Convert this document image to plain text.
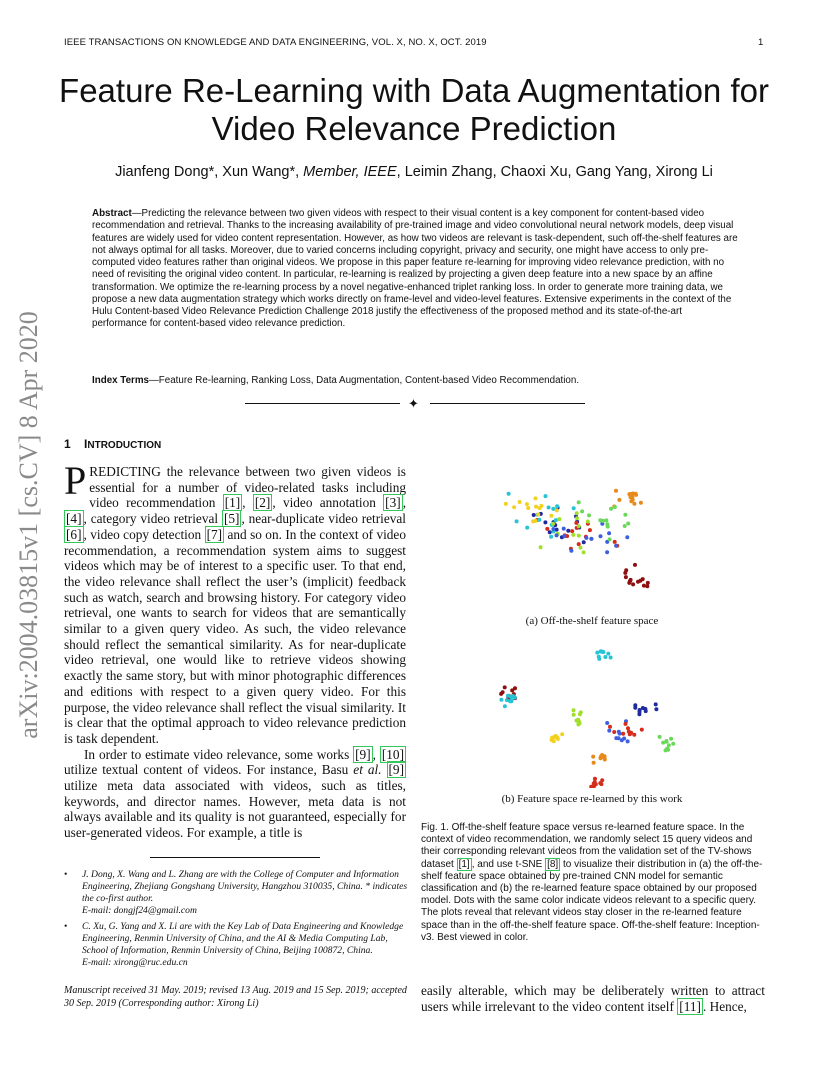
IEEE TRANSACTIONS ON KNOWLEDGE AND DATA ENGINEERING, VOL. X, NO. X, OCT. 2019	1
Feature Re-Learning with Data Augmentation for
Video Relevance Prediction
Jianfeng Dong*, Xun Wang*, Member, IEEE, Leimin Zhang, Chaoxi Xu, Gang Yang, Xirong Li
Abstract—Predicting the relevance between two given videos with respect to their visual content is a key component for content-based video recommendation and retrieval. Thanks to the increasing availability of pre-trained image and video convolutional neural network models, deep visual features are widely used for video content representation. However, as how two videos are relevant is task-dependent, such off-the-shelf features are not always optimal for all tasks. Moreover, due to varied concerns including copyright, privacy and security, one might have access to only pre-computed video features rather than original videos. We propose in this paper feature re-learning for improving video relevance prediction, with no need of revisiting the original video content. In particular, re-learning is realized by projecting a given deep feature into a new space by an affine transformation. We optimize the re-learning process by a novel negative-enhanced triplet ranking loss. In order to generate more training data, we propose a new data augmentation strategy which works directly on frame-level and video-level features. Extensive experiments in the context of the Hulu Content-based Video Relevance Prediction Challenge 2018 justify the effectiveness of the proposed method and its state-of-the-art performance for content-based video relevance prediction.
Index Terms—Feature Re-learning, Ranking Loss, Data Augmentation, Content-based Video Recommendation.
✦
arXiv:2004.03815v1 [cs.CV] 8 Apr 2020 1 INTRODUCTION

PREDICTING the relevance between two given videos is essential for a number of video-related tasks including video recommendation [1] , [2] , video annotation [3] , [4] , category video retrieval [5] , near-duplicate video retrieval [6] , video copy detection [7] and so on. In the context of video recommendation, a recommendation system aims to suggest videos which may be of interest to a specific user. To that end, the video relevance shall reflect the user’s (implicit) feedback such as watch, search and browsing history. For category video retrieval, one wants to search for videos that are semantically similar to a given query video. As such, the video relevance should reflect the semantical similarity. As for near-duplicate video retrieval, one would like to retrieve videos showing exactly the same story, but with minor photographic differences and editions with respect to a given query video. For this purpose, the video relevance shall reflect the visual similarity. It is clear that the optimal approach to video relevance prediction is task dependent.

In order to estimate video relevance, some works [9] , [10] utilize textual content of videos. For instance, Basu et al. [9] utilize meta data associated with videos, such as titles, keywords, and director names. However, meta data is not always available and its quality is not guaranteed, especially for user-generated videos. For example, a title is

• J. Dong, X. Wang and L. Zhang are with the College of Computer and Information Engineering, Zhejiang Gongshang University, Hangzhou 310035, China. * indicates the co-first author.
E-mail: dongjf24@gmail.com
• C. Xu, G. Yang and X. Li are with the Key Lab of Data Engineering and Knowledge Engineering, Renmin University of China, and the AI & Media Computing Lab, School of Information, Renmin University of China, Beijing 100872, China.
E-mail: xirong@ruc.edu.cn
Manuscript received 31 May. 2019; revised 13 Aug. 2019 and 15 Sep. 2019; accepted 30 Sep. 2019 (Corresponding author: Xirong Li)
(a) Off-the-shelf feature space
(b) Feature space re-learned by this work
Fig. 1. Off-the-shelf feature space versus re-learned feature space. In the context of video recommendation, we randomly select 15 query videos and their corresponding relevant videos from the validation set of the TV-shows dataset [1] , and use t-SNE [8] to visualize their distribution in (a) the off-the-shelf feature space obtained by pre-trained CNN model for semantic classification and (b) the re-learned feature space obtained by our proposed model. Dots with the same color indicate videos relevant to a specific query. The plots reveal that relevant videos stay closer in the re-learned feature space than in the off-the-shelf feature space. Off-the-shelf feature: Inception-v3. Best viewed in color.
easily alterable, which may be deliberately written to attract users while irrelevant to the video content itself [11] . Hence,
